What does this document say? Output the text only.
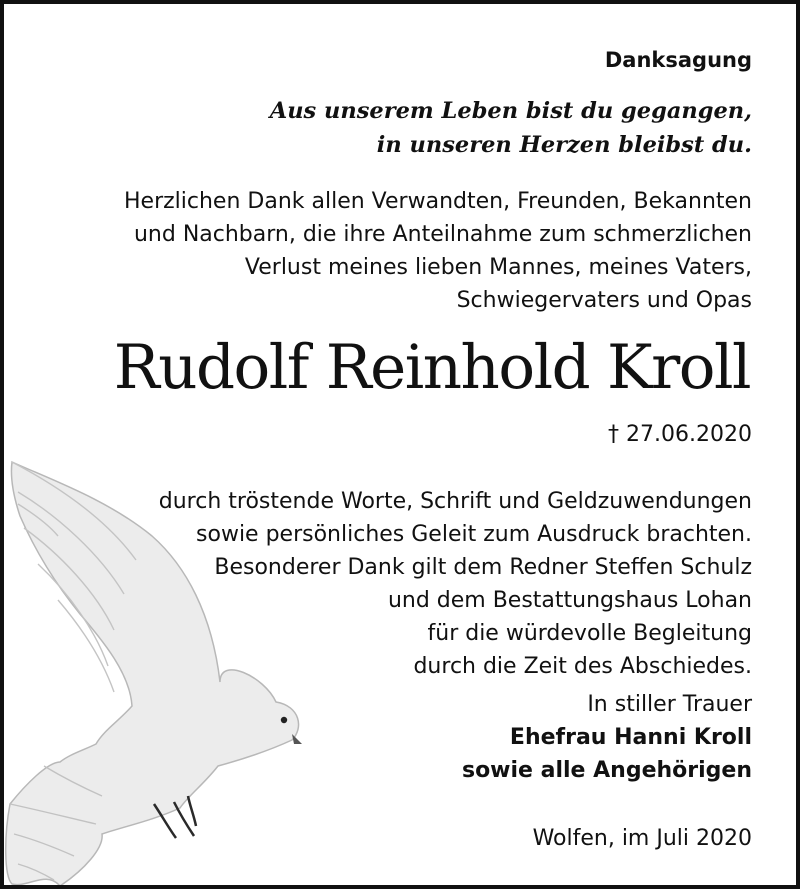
Danksagung
Aus unserem Leben bist du gegangen,
in unseren Herzen bleibst du.
Herzlichen Dank allen Verwandten, Freunden, Bekannten
und Nachbarn, die ihre Anteilnahme zum schmerzlichen
Verlust meines lieben Mannes, meines Vaters,
Schwiegervaters und Opas
Rudolf Reinhold Kroll
† 27.06.2020
durch tröstende Worte, Schrift und Geldzuwendungen
sowie persönliches Geleit zum Ausdruck brachten.
Besonderer Dank gilt dem Redner Steffen Schulz
und dem Bestattungshaus Lohan
für die würdevolle Begleitung
durch die Zeit des Abschiedes.
In stiller Trauer
Ehefrau Hanni Kroll
sowie alle Angehörigen
Wolfen, im Juli 2020
